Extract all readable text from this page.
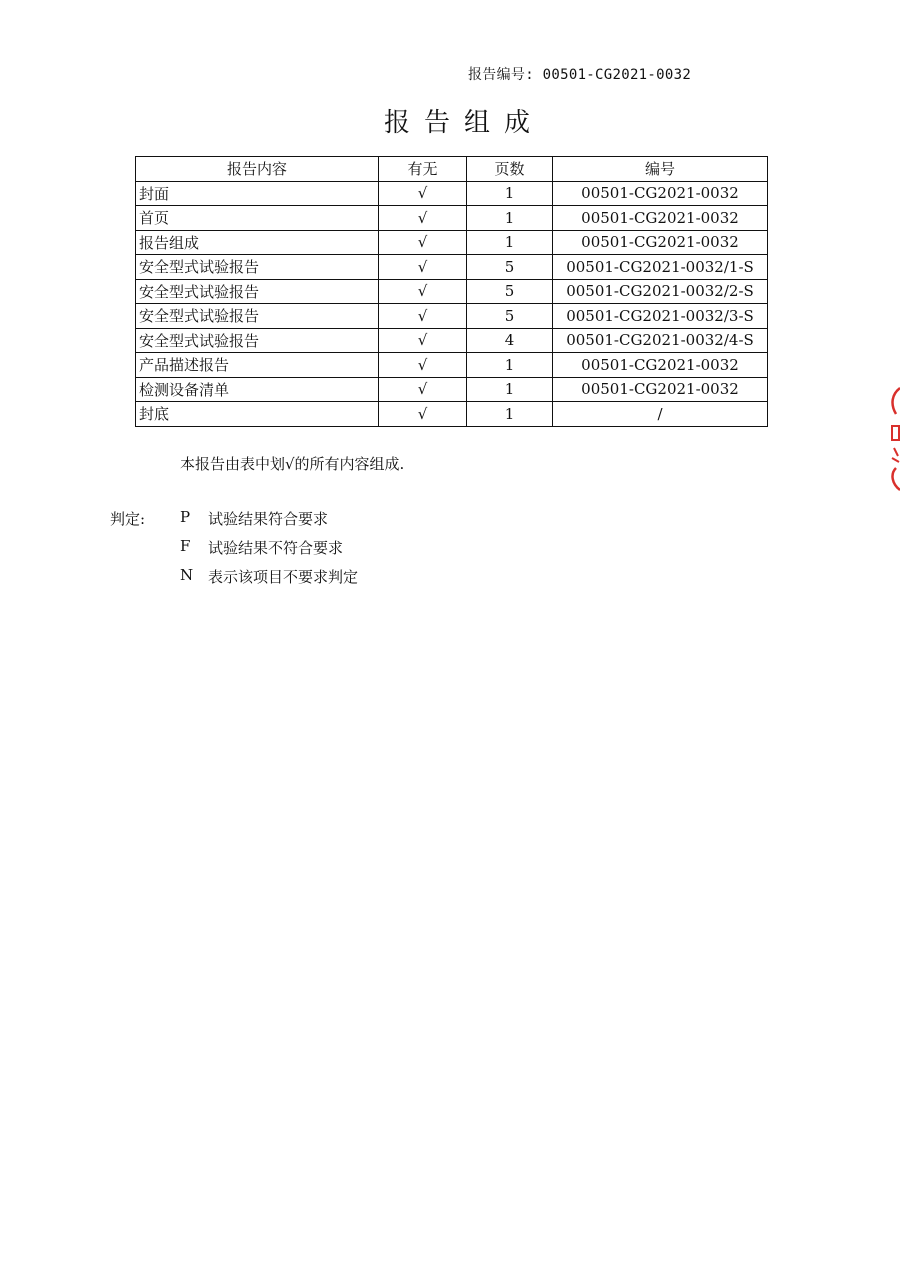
报告编号: 00501-CG2021-0032
报告组成
报告内容	有无	页数	编号
封面	√	1	00501-CG2021-0032
首页	√	1	00501-CG2021-0032
报告组成	√	1	00501-CG2021-0032
安全型式试验报告	√	5	00501-CG2021-0032/1-S
安全型式试验报告	√	5	00501-CG2021-0032/2-S
安全型式试验报告	√	5	00501-CG2021-0032/3-S
安全型式试验报告	√	4	00501-CG2021-0032/4-S
产品描述报告	√	1	00501-CG2021-0032
检测设备清单	√	1	00501-CG2021-0032
封底	√	1	/
本报告由表中划√的所有内容组成.
判定: P	试验结果符合要求
F	试验结果不符合要求
N 表示该项目不要求判定
